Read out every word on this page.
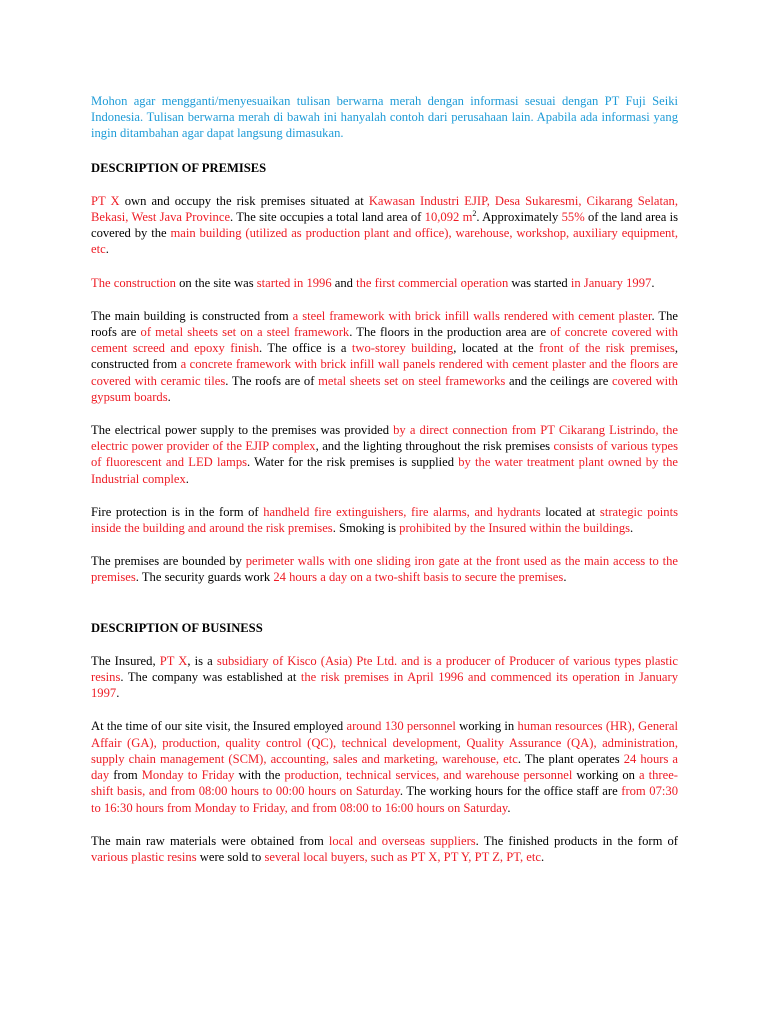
Mohon agar mengganti/menyesuaikan tulisan berwarna merah dengan informasi sesuai dengan PT Fuji Seiki Indonesia. Tulisan berwarna merah di bawah ini hanyalah contoh dari perusahaan lain. Apabila ada informasi yang ingin ditambahan agar dapat langsung dimasukan.

DESCRIPTION OF PREMISES

PT X own and occupy the risk premises situated at Kawasan Industri EJIP, Desa Sukaresmi, Cikarang Selatan, Bekasi, West Java Province. The site occupies a total land area of 10,092 $m^2$. Approximately 55% of the land area is covered by the main building (utilized as production plant and office), warehouse, workshop, auxiliary equipment, etc.

The construction on the site was started in 1996 and the first commercial operation was started in January 1997.

The main building is constructed from a steel framework with brick infill walls rendered with cement plaster. The roofs are of metal sheets set on a steel framework. The floors in the production area are of concrete covered with cement screed and epoxy finish. The office is a two-storey building, located at the front of the risk premises, constructed from a concrete framework with brick infill wall panels rendered with cement plaster and the floors are covered with ceramic tiles. The roofs are of metal sheets set on steel frameworks and the ceilings are covered with gypsum boards.

The electrical power supply to the premises was provided by a direct connection from PT Cikarang Listrindo, the electric power provider of the EJIP complex, and the lighting throughout the risk premises consists of various types of fluorescent and LED lamps. Water for the risk premises is supplied by the water treatment plant owned by the Industrial complex.

Fire protection is in the form of handheld fire extinguishers, fire alarms, and hydrants located at strategic points inside the building and around the risk premises. Smoking is prohibited by the Insured within the buildings.

The premises are bounded by perimeter walls with one sliding iron gate at the front used as the main access to the premises. The security guards work 24 hours a day on a two-shift basis to secure the premises.

DESCRIPTION OF BUSINESS

The Insured, PT X, is a subsidiary of Kisco (Asia) Pte Ltd. and is a producer of Producer of various types plastic resins. The company was established at the risk premises in April 1996 and commenced its operation in January 1997.

At the time of our site visit, the Insured employed around 130 personnel working in human resources (HR), General Affair (GA), production, quality control (QC), technical development, Quality Assurance (QA), administration, supply chain management (SCM), accounting, sales and marketing, warehouse, etc. The plant operates 24 hours a day from Monday to Friday with the production, technical services, and warehouse personnel working on a three-shift basis, and from 08:00 hours to 00:00 hours on Saturday. The working hours for the office staff are from 07:30 to 16:30 hours from Monday to Friday, and from 08:00 to 16:00 hours on Saturday.

The main raw materials were obtained from local and overseas suppliers. The finished products in the form of various plastic resins were sold to several local buyers, such as PT X, PT Y, PT Z, PT, etc.
